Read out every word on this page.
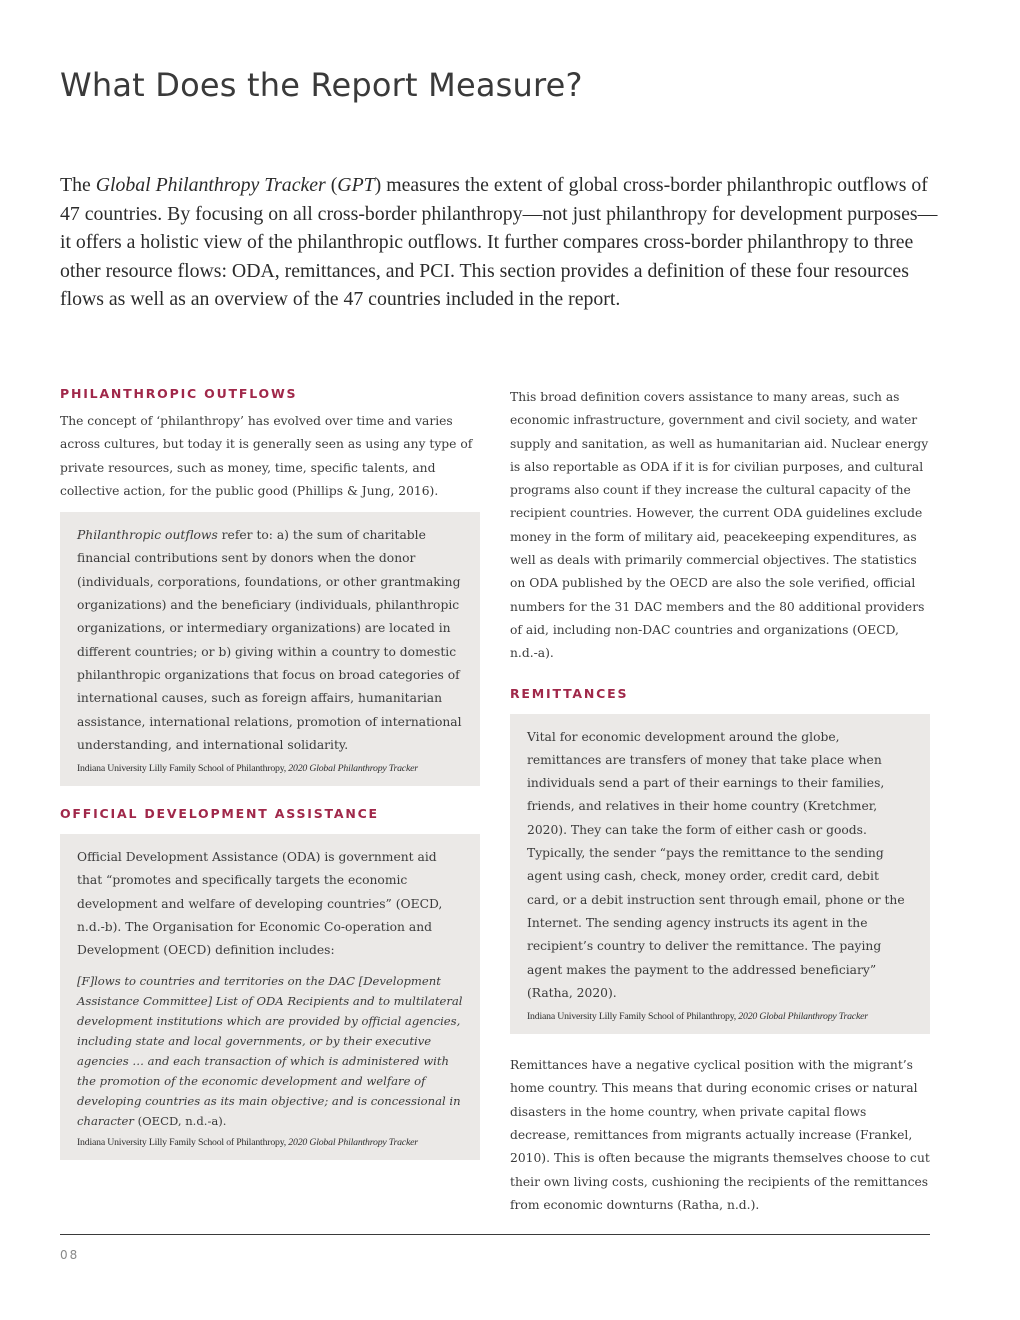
What Does the Report Measure?

The Global Philanthropy Tracker (GPT) measures the extent of global cross-border philanthropic outflows of 47 countries. By focusing on all cross-border philanthropy—not just philanthropy for development purposes—it offers a holistic view of the philanthropic outflows. It further compares cross-border philanthropy to three other resource flows: ODA, remittances, and PCI. This section provides a definition of these four resources flows as well as an overview of the 47 countries included in the report.

PHILANTHROPIC OUTFLOWS

The concept of ‘philanthropy’ has evolved over time and varies across cultures, but today it is generally seen as using any type of private resources, such as money, time, specific talents, and collective action, for the public good (Phillips & Jung, 2016).

Philanthropic outflows refer to: a) the sum of charitable financial contributions sent by donors when the donor (individuals, corporations, foundations, or other grantmaking organizations) and the beneficiary (individuals, philanthropic organizations, or intermediary organizations) are located in different countries; or b) giving within a country to domestic philanthropic organizations that focus on broad categories of international causes, such as foreign affairs, humanitarian assistance, international relations, promotion of international understanding, and international solidarity.

Indiana University Lilly Family School of Philanthropy, 2020 Global Philanthropy Tracker

OFFICIAL DEVELOPMENT ASSISTANCE

Official Development Assistance (ODA) is government aid that “promotes and specifically targets the economic development and welfare of developing countries” (OECD, n.d.-b). The Organisation for Economic Co-operation and Development (OECD) definition includes:

[F]lows to countries and territories on the DAC [Development Assistance Committee] List of ODA Recipients and to multilateral development institutions which are provided by official agencies, including state and local governments, or by their executive agencies … and each transaction of which is administered with the promotion of the economic development and welfare of developing countries as its main objective; and is concessional in character (OECD, n.d.-a).

Indiana University Lilly Family School of Philanthropy, 2020 Global Philanthropy Tracker

This broad definition covers assistance to many areas, such as economic infrastructure, government and civil society, and water supply and sanitation, as well as humanitarian aid. Nuclear energy is also reportable as ODA if it is for civilian purposes, and cultural programs also count if they increase the cultural capacity of the recipient countries. However, the current ODA guidelines exclude money in the form of military aid, peacekeeping expenditures, as well as deals with primarily commercial objectives. The statistics on ODA published by the OECD are also the sole verified, official numbers for the 31 DAC members and the 80 additional providers of aid, including non-DAC countries and organizations (OECD, n.d.-a).

REMITTANCES

Vital for economic development around the globe, remittances are transfers of money that take place when individuals send a part of their earnings to their families, friends, and relatives in their home country (Kretchmer, 2020). They can take the form of either cash or goods. Typically, the sender “pays the remittance to the sending agent using cash, check, money order, credit card, debit card, or a debit instruction sent through email, phone or the Internet. The sending agency instructs its agent in the recipient’s country to deliver the remittance. The paying agent makes the payment to the addressed beneficiary” (Ratha, 2020).

Indiana University Lilly Family School of Philanthropy, 2020 Global Philanthropy Tracker

Remittances have a negative cyclical position with the migrant’s home country. This means that during economic crises or natural disasters in the home country, when private capital flows decrease, remittances from migrants actually increase (Frankel, 2010). This is often because the migrants themselves choose to cut their own living costs, cushioning the recipients of the remittances from economic downturns (Ratha, n.d.).

08
